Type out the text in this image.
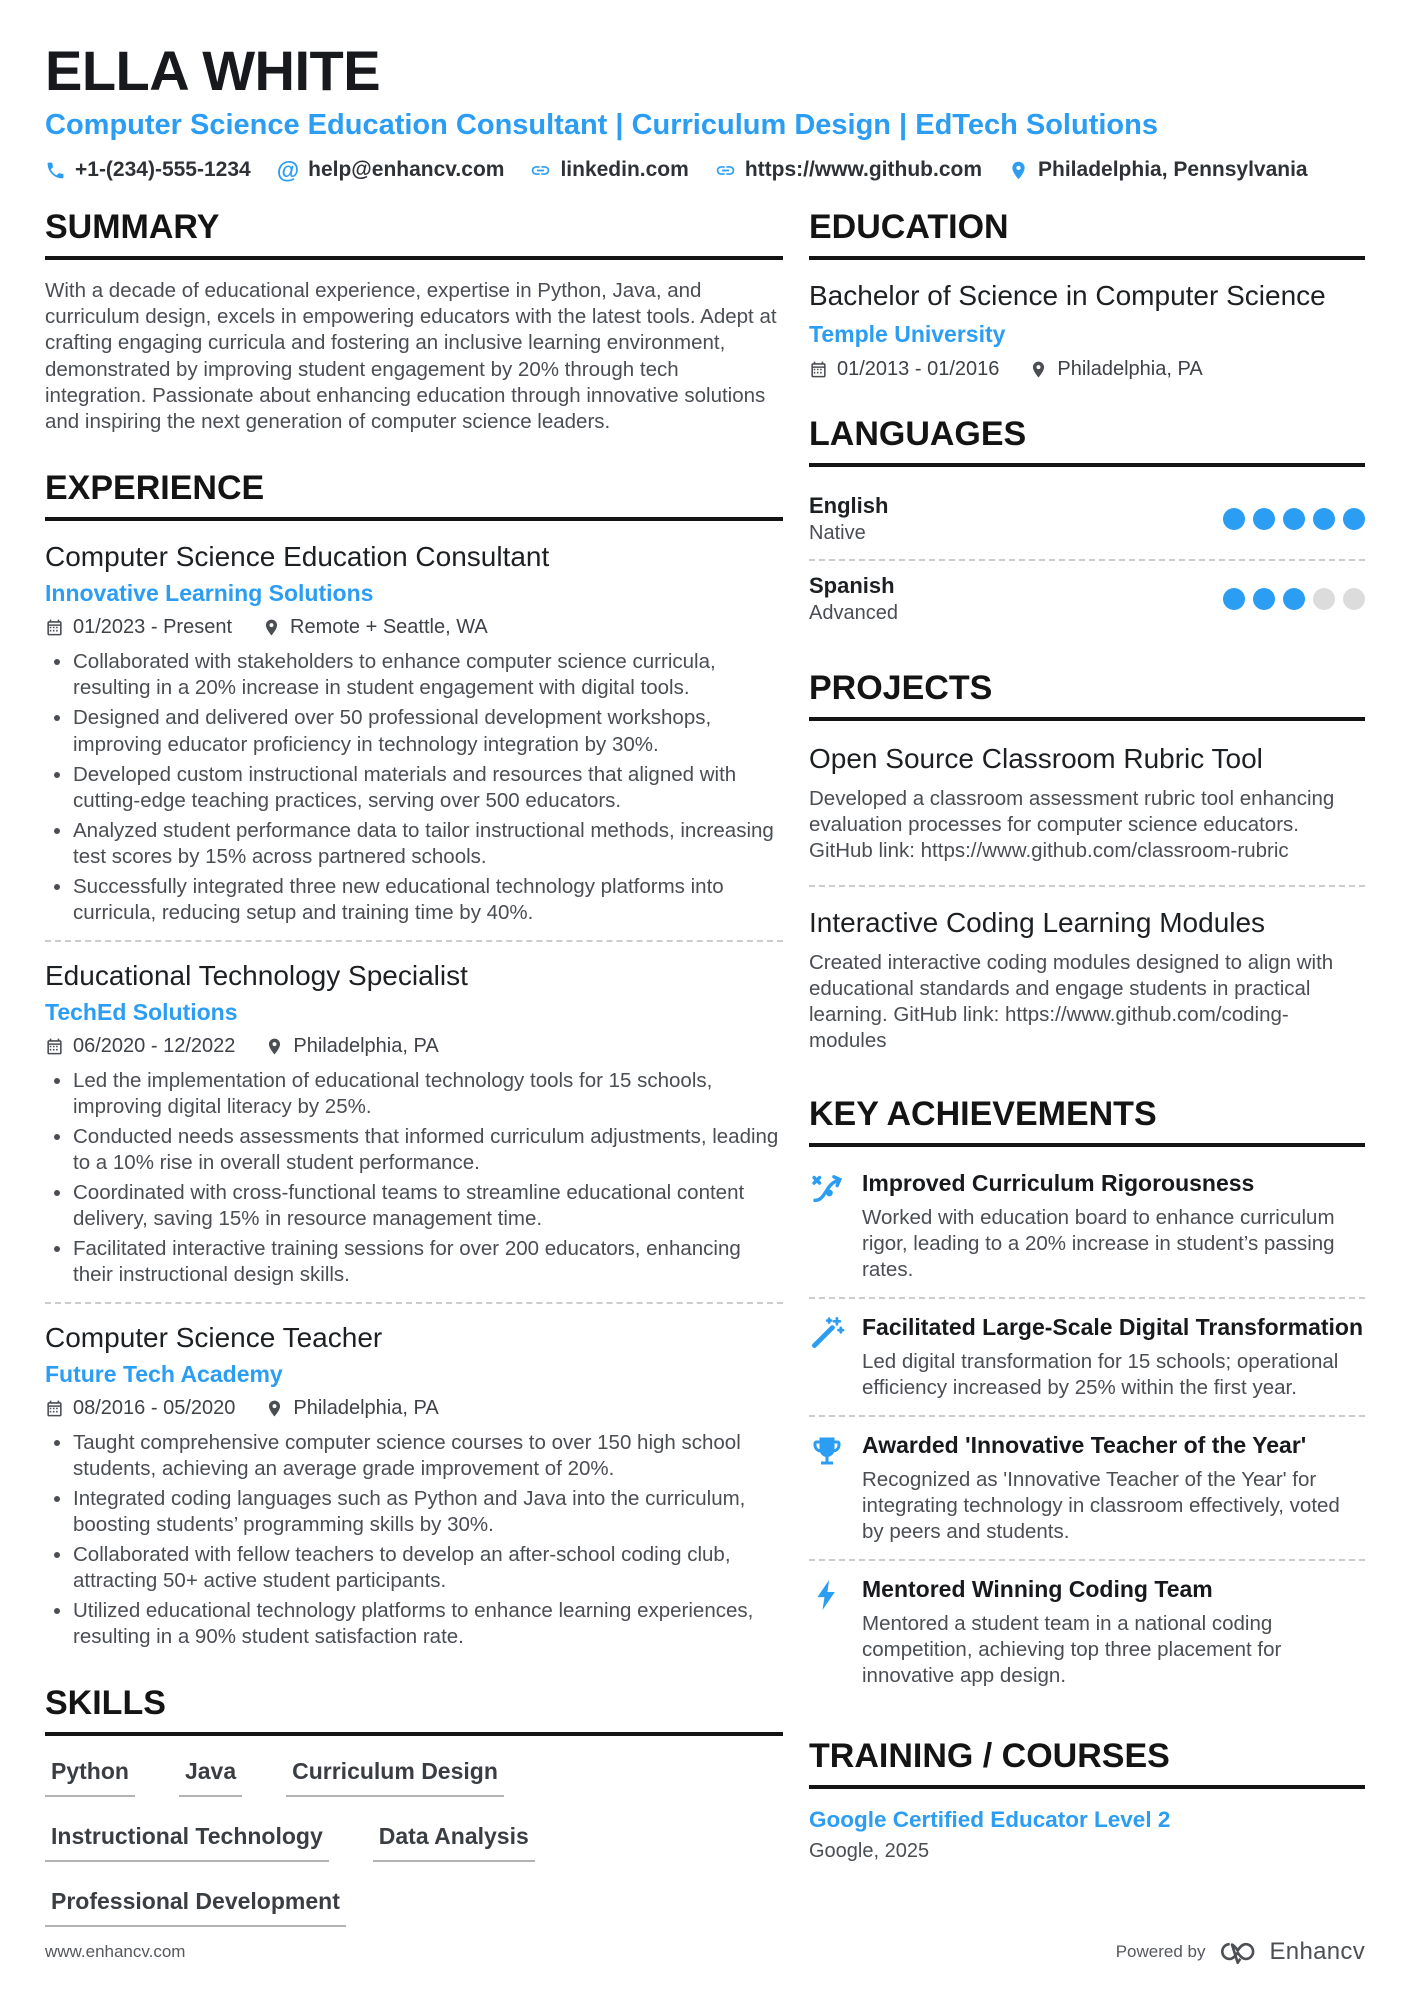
ELLA WHITE
Computer Science Education Consultant | Curriculum Design | EdTech Solutions
+1-(234)-555-1234 @ help@enhancv.com	linkedin.com	https://www.github.com	Philadelphia, Pennsylvania
SUMMARY

With a decade of educational experience, expertise in Python, Java, and curriculum design, excels in empowering educators with the latest tools. Adept at crafting engaging curricula and fostering an inclusive learning environment, demonstrated by improving student engagement by 20% through tech integration. Passionate about enhancing education through innovative solutions and inspiring the next generation of computer science leaders.

EXPERIENCE
Computer Science Education Consultant
Innovative Learning Solutions
01/2023 - Present	Remote + Seattle, WA
• Collaborated with stakeholders to enhance computer science curricula, resulting in a 20% increase in student engagement with digital tools.
• Designed and delivered over 50 professional development workshops, improving educator proficiency in technology integration by 30%.
• Developed custom instructional materials and resources that aligned with cutting-edge teaching practices, serving over 500 educators.
• Analyzed student performance data to tailor instructional methods, increasing test scores by 15% across partnered schools.
• Successfully integrated three new educational technology platforms into curricula, reducing setup and training time by 40%.
Educational Technology Specialist
TechEd Solutions
06/2020 - 12/2022	Philadelphia, PA
• Led the implementation of educational technology tools for 15 schools, improving digital literacy by 25%.
• Conducted needs assessments that informed curriculum adjustments, leading to a 10% rise in overall student performance.
• Coordinated with cross-functional teams to streamline educational content delivery, saving 15% in resource management time.
• Facilitated interactive training sessions for over 200 educators, enhancing their instructional design skills.
Computer Science Teacher
Future Tech Academy
08/2016 - 05/2020	Philadelphia, PA
• Taught comprehensive computer science courses to over 150 high school students, achieving an average grade improvement of 20%.
• Integrated coding languages such as Python and Java into the curriculum, boosting students’ programming skills by 30%.
• Collaborated with fellow teachers to develop an after-school coding club, attracting 50+ active student participants.
• Utilized educational technology platforms to enhance learning experiences, resulting in a 90% student satisfaction rate.
SKILLS
Python Java Curriculum Design
Instructional Technology Data Analysis
Professional Development
EDUCATION
Bachelor of Science in Computer Science
Temple University
01/2013 - 01/2016	Philadelphia, PA
LANGUAGES
English
Native
Spanish
Advanced
PROJECTS
Open Source Classroom Rubric Tool

Developed a classroom assessment rubric tool enhancing evaluation processes for computer science educators. GitHub link: https://www.github.com/classroom-rubric

Interactive Coding Learning Modules

Created interactive coding modules designed to align with educational standards and engage students in practical learning. GitHub link: https://www.github.com/coding-modules

KEY ACHIEVEMENTS
Improved Curriculum Rigorousness

Worked with education board to enhance curriculum rigor, leading to a 20% increase in student’s passing rates.

Facilitated Large-Scale Digital Transformation

Led digital transformation for 15 schools; operational efficiency increased by 25% within the first year.

Awarded 'Innovative Teacher of the Year'

Recognized as 'Innovative Teacher of the Year' for integrating technology in classroom effectively, voted by peers and students.

Mentored Winning Coding Team

Mentored a student team in a national coding competition, achieving top three placement for innovative app design.

TRAINING / COURSES
Google Certified Educator Level 2
Google, 2025
www.enhancv.com	Powered by	Enhancv
